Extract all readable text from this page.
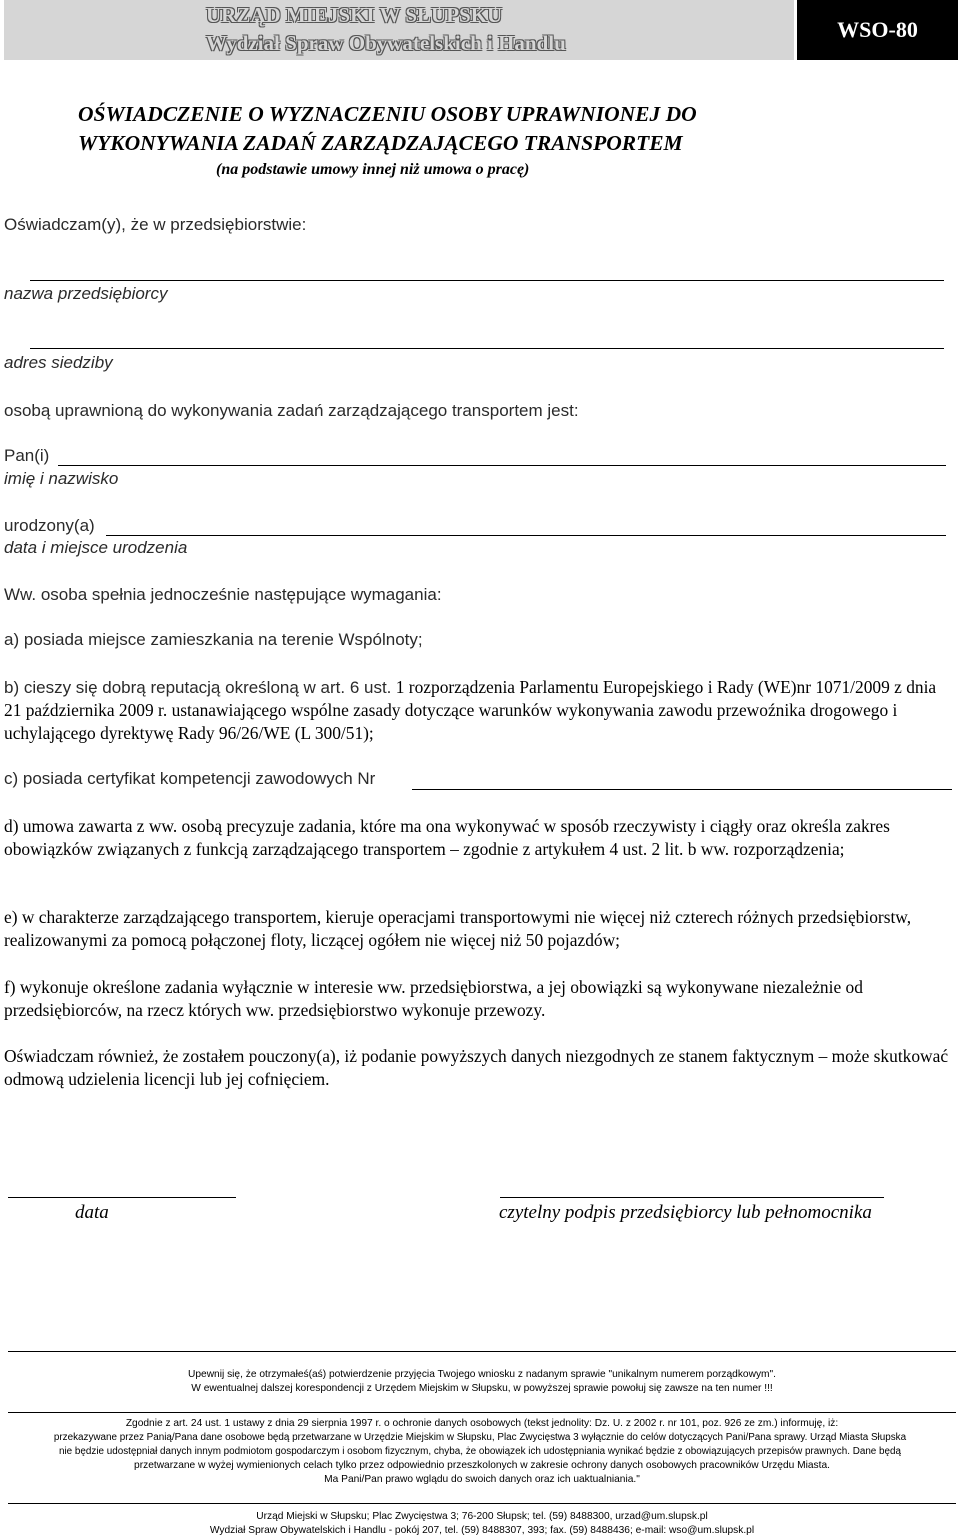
URZĄD MIEJSKI W SŁUPSKU
Wydział Spraw Obywatelskich i Handlu
WSO-80
OŚWIADCZENIE O WYZNACZENIU OSOBY UPRAWNIONEJ DO
WYKONYWANIA ZADAŃ ZARZĄDZAJĄCEGO TRANSPORTEM
(na podstawie umowy innej niż umowa o pracę)
Oświadczam(y), że w przedsiębiorstwie:
nazwa przedsiębiorcy
adres siedziby
osobą uprawnioną do wykonywania zadań zarządzającego transportem jest:
Pan(i)
imię i nazwisko
urodzony(a)
data i miejsce urodzenia
Ww. osoba spełnia jednocześnie następujące wymagania:
a) posiada miejsce zamieszkania na terenie Wspólnoty;
b) cieszy się dobrą reputacją określoną w art. 6 ust. 1 rozporządzenia Parlamentu Europejskiego i Rady (WE)nr 1071/2009 z dnia 21 października 2009 r. ustanawiającego wspólne zasady dotyczące warunków wykonywania zawodu przewoźnika drogowego i uchylającego dyrektywę Rady 96/26/WE (L 300/51);
c) posiada certyfikat kompetencji zawodowych Nr
d) umowa zawarta z ww. osobą precyzuje zadania, które ma ona wykonywać w sposób rzeczywisty i ciągły oraz określa zakres obowiązków związanych z funkcją zarządzającego transportem – zgodnie z artykułem 4 ust. 2 lit. b ww. rozporządzenia;
e) w charakterze zarządzającego transportem, kieruje operacjami transportowymi nie więcej niż czterech różnych przedsiębiorstw, realizowanymi za pomocą połączonej floty, liczącej ogółem nie więcej niż 50 pojazdów;
f) wykonuje określone zadania wyłącznie w interesie ww. przedsiębiorstwa, a jej obowiązki są wykonywane niezależnie od przedsiębiorców, na rzecz których ww. przedsiębiorstwo wykonuje przewozy.
Oświadczam również, że zostałem pouczony(a), iż podanie powyższych danych niezgodnych ze stanem faktycznym – może skutkować odmową udzielenia licencji lub jej cofnięciem.
data	czytelny podpis przedsiębiorcy lub pełnomocnika
Upewnij się, że otrzymałeś(aś) potwierdzenie przyjęcia Twojego wniosku z nadanym sprawie "unikalnym numerem porządkowym".
W ewentualnej dalszej korespondencji z Urzędem Miejskim w Słupsku, w powyższej sprawie powołuj się zawsze na ten numer !!!
Zgodnie z art. 24 ust. 1 ustawy z dnia 29 sierpnia 1997 r. o ochronie danych osobowych (tekst jednolity: Dz. U. z 2002 r. nr 101, poz. 926 ze zm.) informuję, iż:
przekazywane przez Panią/Pana dane osobowe będą przetwarzane w Urzędzie Miejskim w Słupsku, Plac Zwycięstwa 3 wyłącznie do celów dotyczących Pani/Pana sprawy. Urząd Miasta Słupska
nie będzie udostępniał danych innym podmiotom gospodarczym i osobom fizycznym, chyba, że obowiązek ich udostępniania wynikać będzie z obowiązujących przepisów prawnych. Dane będą
przetwarzane w wyżej wymienionych celach tylko przez odpowiednio przeszkolonych w zakresie ochrony danych osobowych pracowników Urzędu Miasta.
Ma Pani/Pan prawo wglądu do swoich danych oraz ich uaktualniania."
Urząd Miejski w Słupsku; Plac Zwycięstwa 3; 76-200 Słupsk; tel. (59) 8488300, urzad@um.slupsk.pl
Wydział Spraw Obywatelskich i Handlu - pokój 207, tel. (59) 8488307, 393; fax. (59) 8488436; e-mail: wso@um.slupsk.pl
